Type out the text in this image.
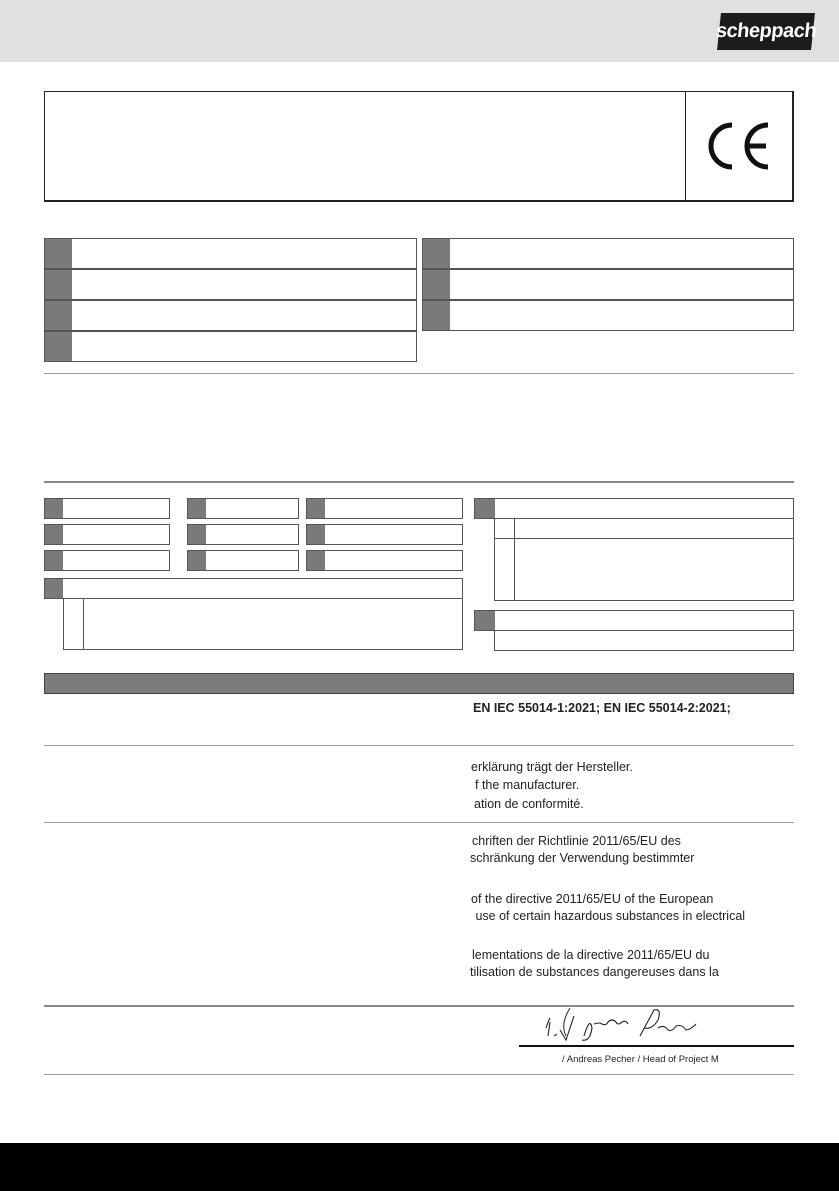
scheppach
EN IEC 55014-1:2021; EN IEC 55014-2:2021;
erklärung trägt der Hersteller.
f the manufacturer.
ation de conformité.
chriften der Richtlinie 2011/65/EU des
schränkung der Verwendung bestimmter
of the directive 2011/65/EU of the European
use of certain hazardous substances in electrical
lementations de la directive 2011/65/EU du
tilisation de substances dangereuses dans la
/ Andreas Pecher / Head of Project M
